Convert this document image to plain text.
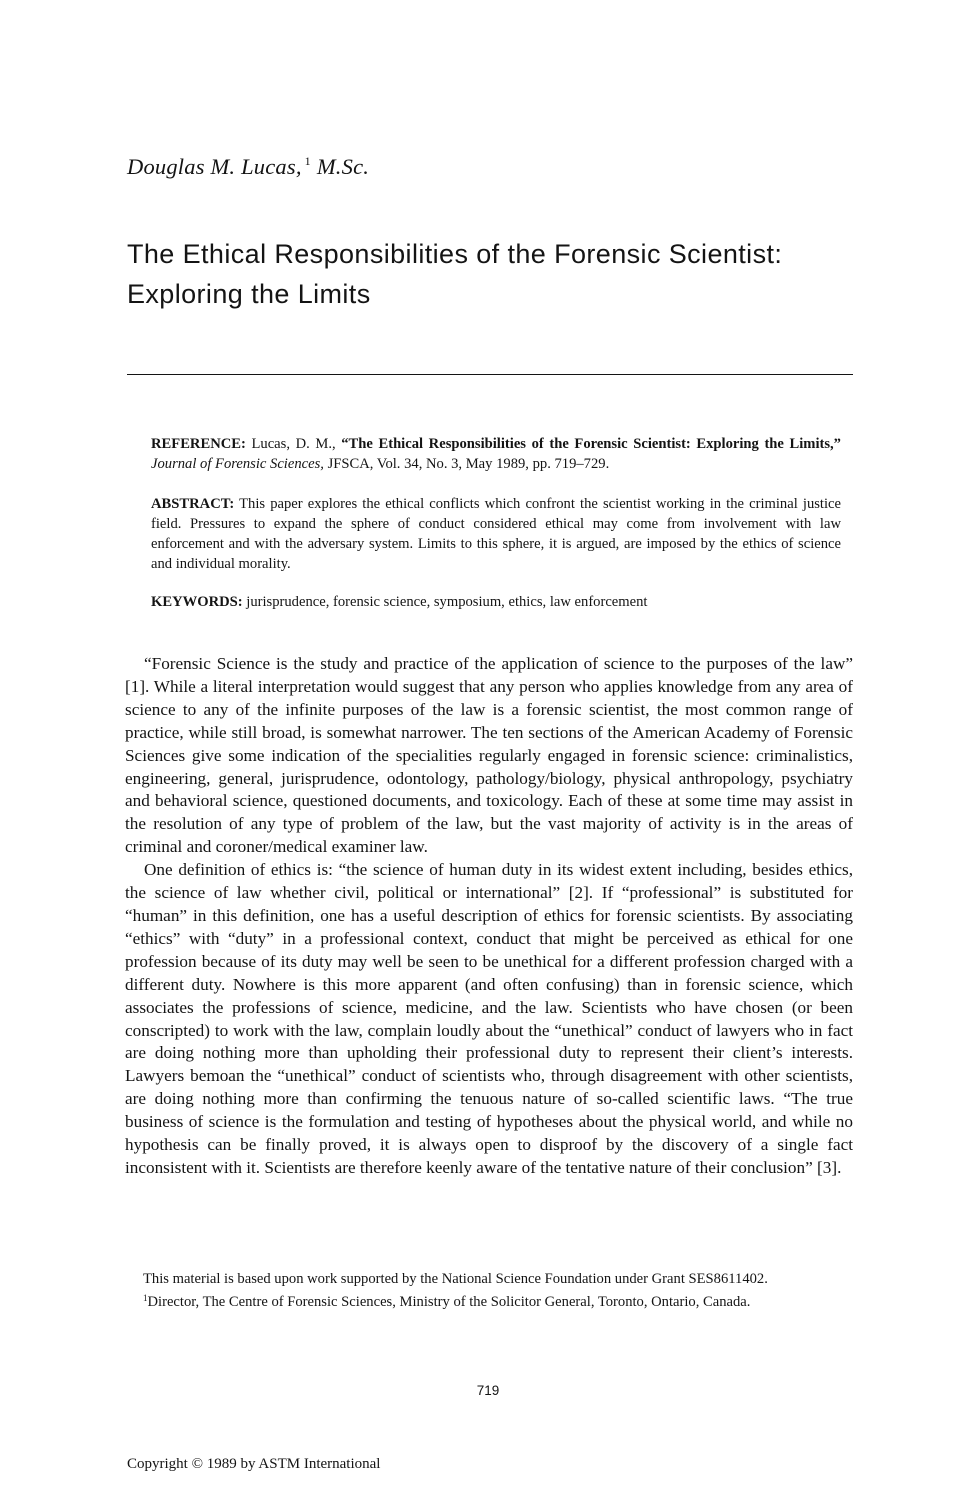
Douglas M. Lucas, $^1$ M.Sc.
The Ethical Responsibilities of the Forensic Scientist: Exploring the Limits

REFERENCE: Lucas, D. M., “The Ethical Responsibilities of the Forensic Scientist: Exploring the Limits,” Journal of Forensic Sciences, JFSCA, Vol. 34, No. 3, May 1989, pp. 719–729.

ABSTRACT: This paper explores the ethical conflicts which confront the scientist working in the criminal justice field. Pressures to expand the sphere of conduct considered ethical may come from involvement with law enforcement and with the adversary system. Limits to this sphere, it is argued, are imposed by the ethics of science and individual morality.

KEYWORDS: jurisprudence, forensic science, symposium, ethics, law enforcement

“Forensic Science is the study and practice of the application of science to the purposes of the law” [1]. While a literal interpretation would suggest that any person who applies knowledge from any area of science to any of the infinite purposes of the law is a forensic scientist, the most common range of practice, while still broad, is somewhat narrower. The ten sections of the American Academy of Forensic Sciences give some indication of the specialities regularly engaged in forensic science: criminalistics, engineering, general, jurisprudence, odontology, pathology/biology, physical anthropology, psychiatry and behavioral science, questioned documents, and toxicology. Each of these at some time may assist in the resolution of any type of problem of the law, but the vast majority of activity is in the areas of criminal and coroner/medical examiner law.

One definition of ethics is: “the science of human duty in its widest extent including, besides ethics, the science of law whether civil, political or international” [2]. If “professional” is substituted for “human” in this definition, one has a useful description of ethics for forensic scientists. By associating “ethics” with “duty” in a professional context, conduct that might be perceived as ethical for one profession because of its duty may well be seen to be unethical for a different profession charged with a different duty. Nowhere is this more apparent (and often confusing) than in forensic science, which associates the professions of science, medicine, and the law. Scientists who have chosen (or been conscripted) to work with the law, complain loudly about the “unethical” conduct of lawyers who in fact are doing nothing more than upholding their professional duty to represent their client’s interests. Lawyers bemoan the “unethical” conduct of scientists who, through disagreement with other scientists, are doing nothing more than confirming the tenuous nature of so-called scientific laws. “The true business of science is the formulation and testing of hypotheses about the physical world, and while no hypothesis can be finally proved, it is always open to disproof by the discovery of a single fact inconsistent with it. Scientists are therefore keenly aware of the tentative nature of their conclusion” [3].

This material is based upon work supported by the National Science Foundation under Grant SES8611402.

$^1$Director, The Centre of Forensic Sciences, Ministry of the Solicitor General, Toronto, Ontario, Canada.

719
Copyright © 1989 by ASTM International
